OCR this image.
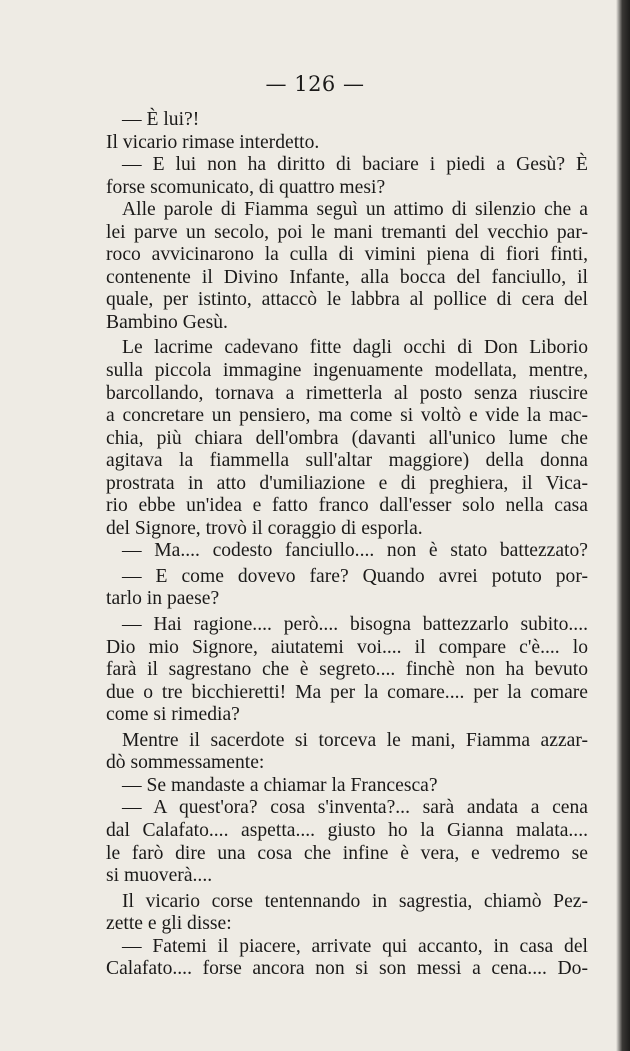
— 126 —
— È lui?!
Il vicario rimase interdetto.
— E lui non ha diritto di baciare i piedi a Gesù? È
forse scomunicato, di quattro mesi?
Alle parole di Fiamma seguì un attimo di silenzio che a
lei parve un secolo, poi le mani tremanti del vecchio par-
roco avvicinarono la culla di vimini piena di fiori finti,
contenente il Divino Infante, alla bocca del fanciullo, il
quale, per istinto, attaccò le labbra al pollice di cera del
Bambino Gesù.
Le lacrime cadevano fitte dagli occhi di Don Liborio
sulla piccola immagine ingenuamente modellata, mentre,
barcollando, tornava a rimetterla al posto senza riuscire
a concretare un pensiero, ma come si voltò e vide la mac-
chia, più chiara dell'ombra (davanti all'unico lume che
agitava la fiammella sull'altar maggiore) della donna
prostrata in atto d'umiliazione e di preghiera, il Vica-
rio ebbe un'idea e fatto franco dall'esser solo nella casa
del Signore, trovò il coraggio di esporla.
— Ma.... codesto fanciullo.... non è stato battezzato?
— E come dovevo fare? Quando avrei potuto por-
tarlo in paese?
— Hai ragione.... però.... bisogna battezzarlo subito....
Dio mio Signore, aiutatemi voi.... il compare c'è.... lo
farà il sagrestano che è segreto.... finchè non ha bevuto
due o tre bicchieretti! Ma per la comare.... per la comare
come si rimedia?
Mentre il sacerdote si torceva le mani, Fiamma azzar-
dò sommessamente:
— Se mandaste a chiamar la Francesca?
— A quest'ora? cosa s'inventa?... sarà andata a cena
dal Calafato.... aspetta.... giusto ho la Gianna malata....
le farò dire una cosa che infine è vera, e vedremo se
si muoverà....
Il vicario corse tentennando in sagrestia, chiamò Pez-
zette e gli disse:
— Fatemi il piacere, arrivate qui accanto, in casa del
Calafato.... forse ancora non si son messi a cena.... Do-
